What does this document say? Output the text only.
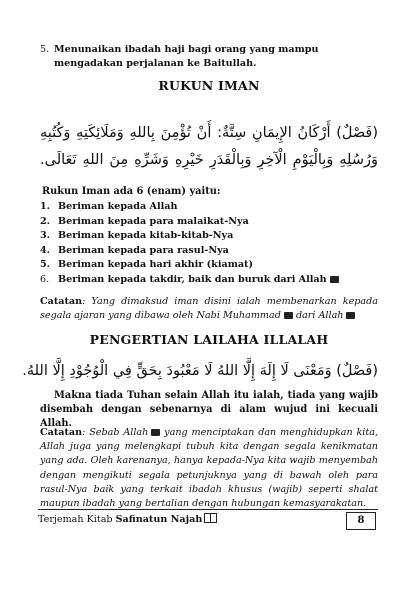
5. Menunaikan ibadah haji bagi orang yang mampu mengadakan perjalanan ke Baitullah.
RUKUN IMAN
(فَصْلٌ) أَرْكَانُ الإِيمَانِ سِتَّةٌ: أَنْ تُؤْمِنَ بِاللهِ وَمَلَائِكَتِهِ وَكُتُبِهِ
وَرُسُلِهِ وَبِالْيَوْمِ الْآخِرِ وَبِالْقَدَرِ خَيْرِهِ وَشَرِّهِ مِنَ اللهِ تَعَالَى.
Rukun Iman ada 6 (enam) yaitu:
1. Beriman kepada Allah
2. Beriman kepada para malaikat-Nya
3. Beriman kepada kitab-kitab-Nya
4. Beriman kepada para rasul-Nya
5. Beriman kepada hari akhir (kiamat)
6. Beriman kepada takdir, baik dan buruk dari Allah
Catatan: Yang dimaksud iman disini ialah membenarkan kepada segala ajaran yang dibawa oleh Nabi Muhammad dari Allah
PENGERTIAN LAILAHA ILLALAH
(فَصْلٌ) وَمَعْنَى لَا إِلَهَ إِلَّا اللهُ لَا مَعْبُودَ بِحَقٍّ فِي الْوُجُوْدِ إِلَّا اللهُ.
Makna tiada Tuhan selain Allah itu ialah, tiada yang wajib disembah dengan sebenarnya di alam wujud ini kecuali Allah.
Catatan: Sebab Allah yang menciptakan dan menghidupkan kita, Allah juga yang melengkapi tubuh kita dengan segala kenikmatan yang ada. Oleh karenanya, hanya kepada-Nya kita wajib menyembah dengan mengikuti segala petunjuknya yang di bawah oleh para rasul-Nya baik yang terkait ibadah khusus (wajib) seperti shalat maupun ibadah yang bertalian dengan hubungan kemasyarakatan.
Terjemah Kitab Safinatun Najah	8
